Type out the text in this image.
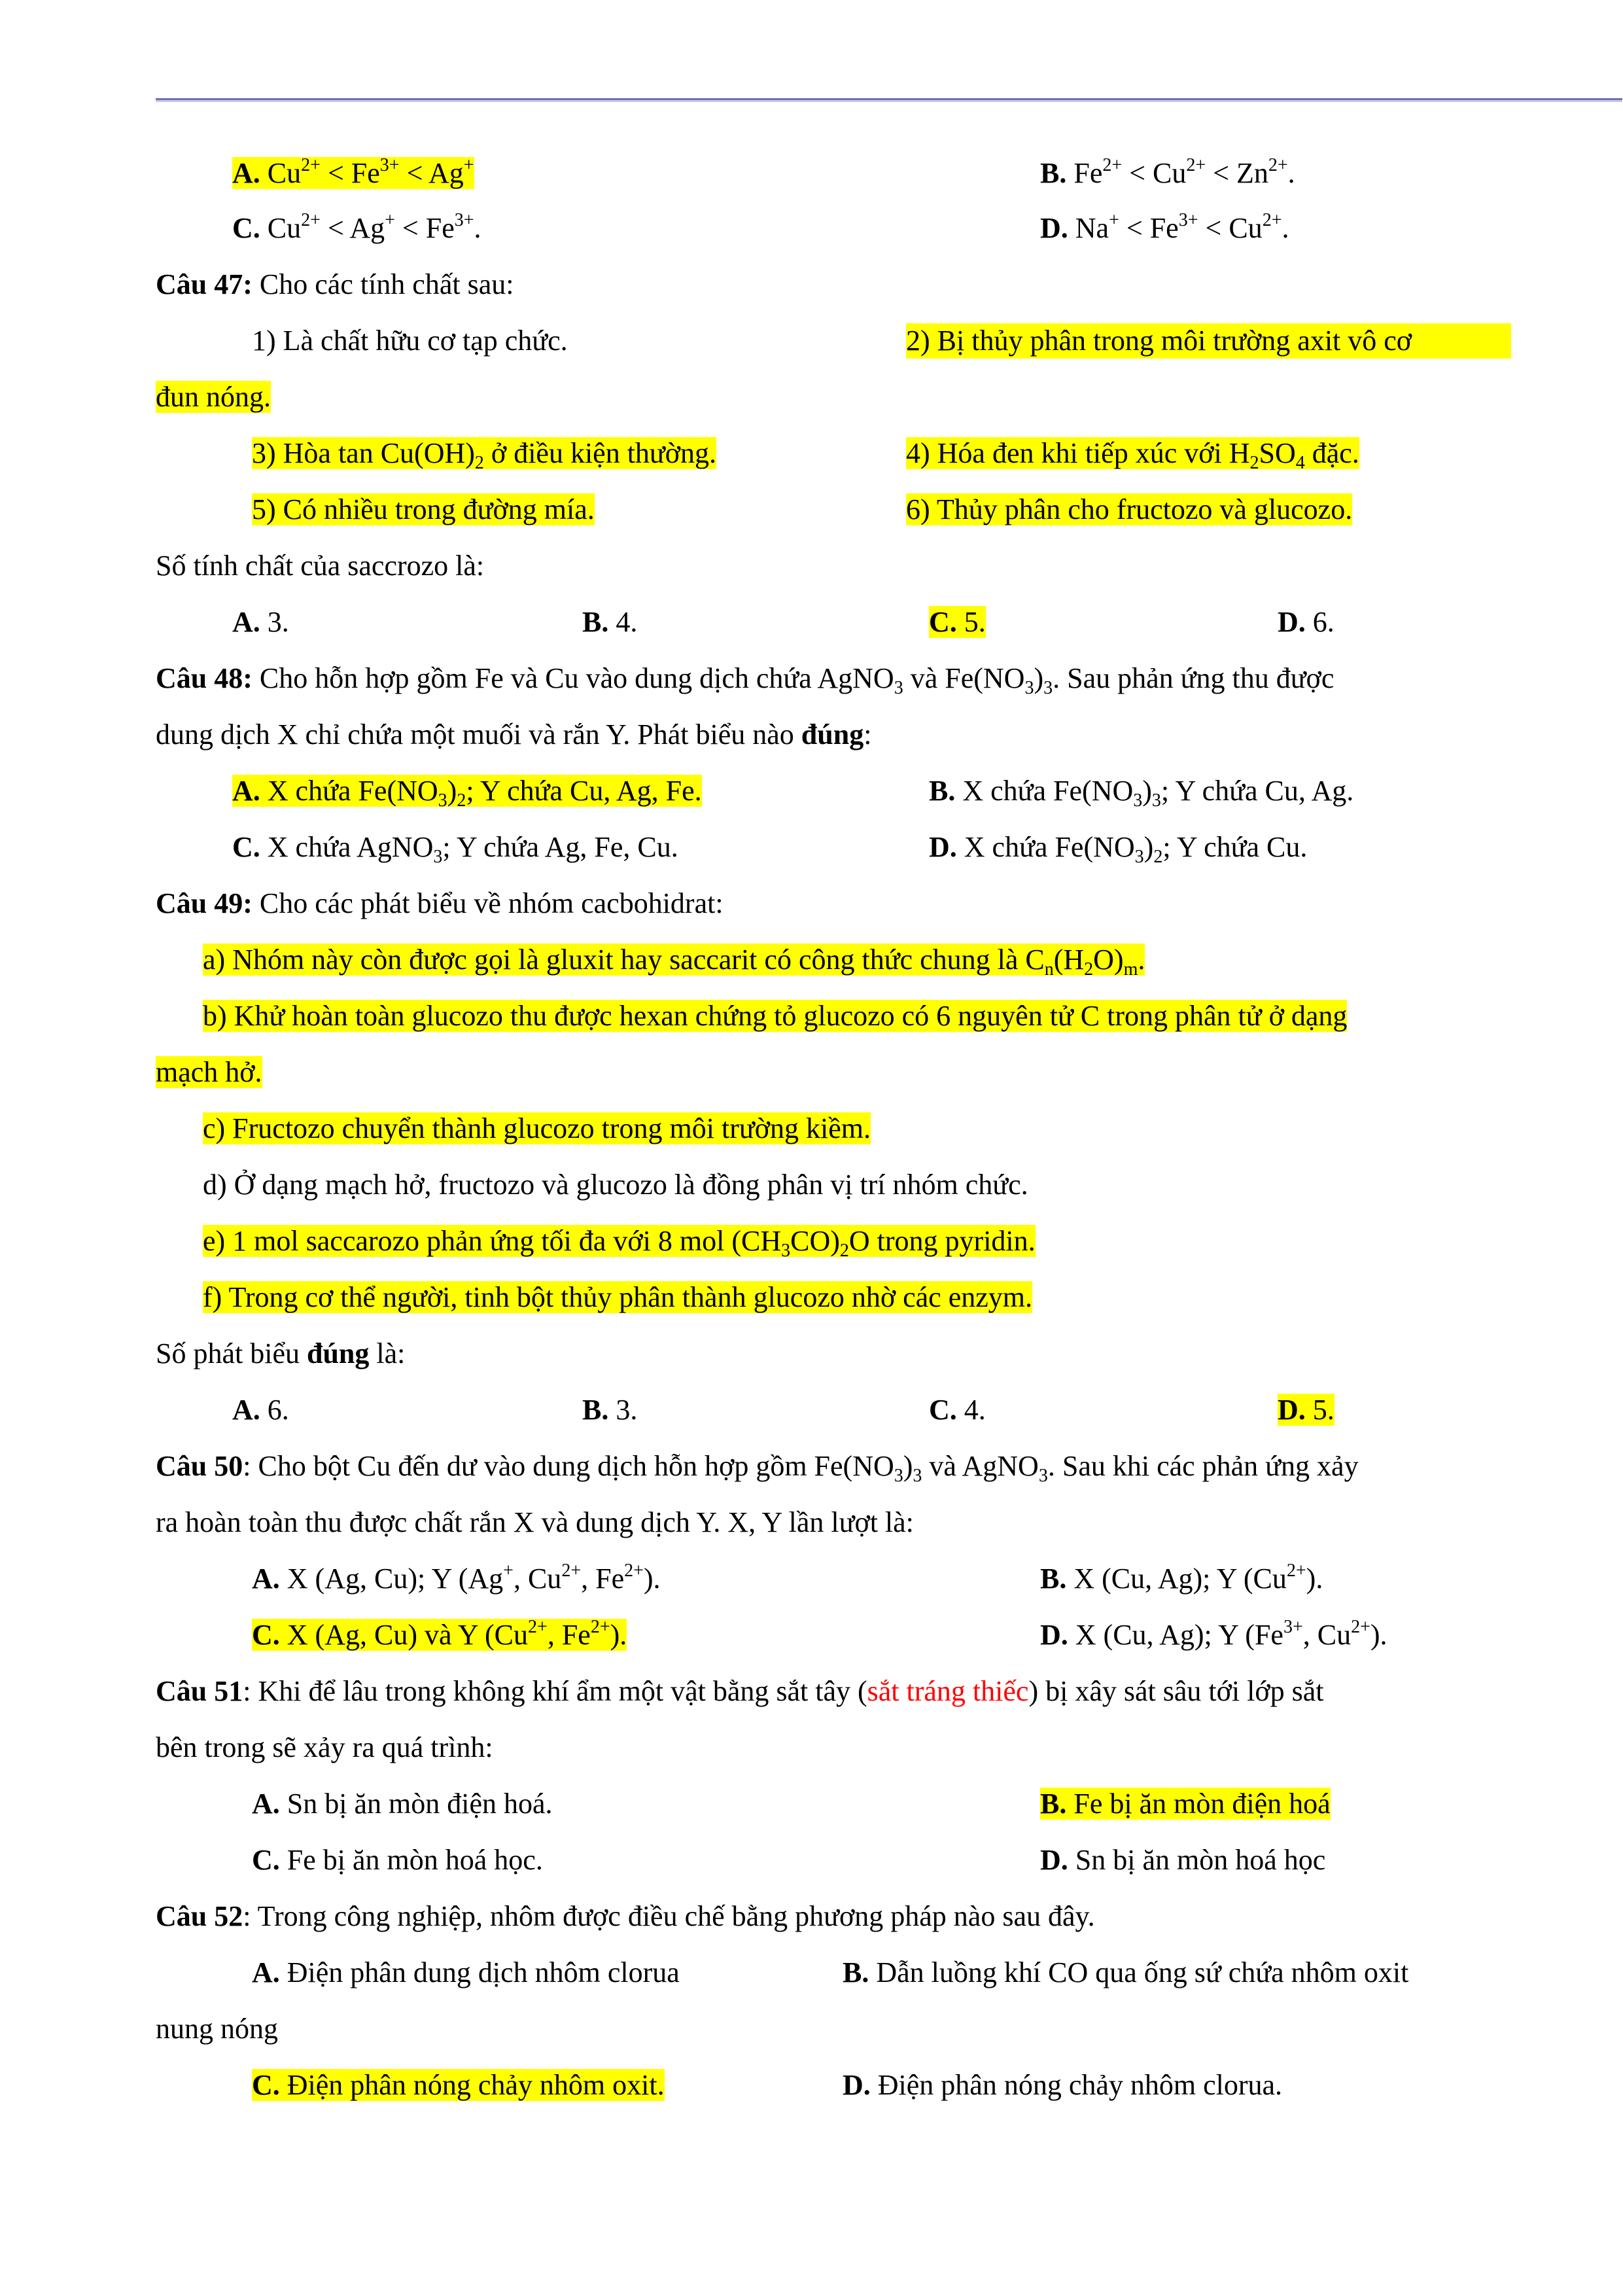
A. $Cu^{2+} < Fe^{3+} < Ag^+$	B. $Fe^{2+} < Cu^{2+} < Zn^{2+}$.
C. $Cu^{2+} < Ag^+ < Fe^{3+}$.	D. $Na^+ < Fe^{3+} < Cu^{2+}$.
Câu 47: Cho các tính chất sau:
1) Là chất hữu cơ tạp chức.	2) Bị thủy phân trong môi trường axit vô cơ
đun nóng.
3) Hòa $\tan Cu(OH)_2$ ở điều kiện thường.	4) Hóa đen khi tiếp xúc với $H_2SO_4$ đặc.
5) Có nhiều trong đường mía.	6) Thủy phân cho fructozo và glucozo.
Số tính chất của saccrozo là:
A. 3.	B. 4.	C. 5.	D. 6.
Câu 48: Cho hỗn hợp gồm Fe và Cu vào dung dịch chứa AgNO$_3$ và $Fe(NO_3)_3$. Sau phản ứng thu được
dung dịch X chỉ chứa một muối và rắn Y. Phát biểu nào đúng:
A. X chứa $Fe(NO_3)_2$; Y chứa Cu, Ag, Fe.	B. X chứa $Fe(NO_3)_3$; Y chứa Cu, Ag.
C. X chứa AgNO$_3$; Y chứa Ag, Fe, Cu.	D. X chứa $Fe(NO_3)_2$; Y chứa Cu.
Câu 49: Cho các phát biểu về nhóm cacbohidrat:
a) Nhóm này còn được gọi là gluxit hay saccarit có công thức chung là $C_n(H_2O)_m$.
b) Khử hoàn toàn glucozo thu được hexan chứng tỏ glucozo có 6 nguyên tử C trong phân tử ở dạng
mạch hở.
c) Fructozo chuyển thành glucozo trong môi trường kiềm.
d) Ở dạng mạch hở, fructozo và glucozo là đồng phân vị trí nhóm chức.
e) 1 mol saccarozo phản ứng tối đa với 8 mol $(CH_3CO)_2O$ trong pyridin.
f) Trong cơ thể người, tinh bột thủy phân thành glucozo nhờ các enzym.
Số phát biểu đúng là:
A. 6.	B. 3.	C. 4.	D. 5.
Câu 50: Cho bột Cu đến dư vào dung dịch hỗn hợp gồm $Fe(NO_3)_3$ và AgNO$_3$. Sau khi các phản ứng xảy
ra hoàn toàn thu được chất rắn X và dung dịch Y. X, Y lần lượt là:
A. X (Ag, Cu); Y (Ag+, $Cu^{2+}$, $Fe^{2+}$).	B. X (Cu, Ag); Y $(Cu^{2+})$.
C. X (Ag, Cu) và Y ($Cu^{2+}$, $Fe^{2+}$).	D. X (Cu, Ag); Y ($Fe^{3+}$, $Cu^{2+}$).
Câu 51: Khi để lâu trong không khí ẩm một vật bằng sắt tây (sắt tráng thiếc) bị xây sát sâu tới lớp sắt
bên trong sẽ xảy ra quá trình:
A. Sn bị ăn mòn điện hoá.	B. Fe bị ăn mòn điện hoá
C. Fe bị ăn mòn hoá học.	D. Sn bị ăn mòn hoá học
Câu 52: Trong công nghiệp, nhôm được điều chế bằng phương pháp nào sau đây.
A. Điện phân dung dịch nhôm clorua	B. Dẫn luồng khí CO qua ống sứ chứa nhôm oxit
nung nóng
C. Điện phân nóng chảy nhôm oxit.	D. Điện phân nóng chảy nhôm clorua.
